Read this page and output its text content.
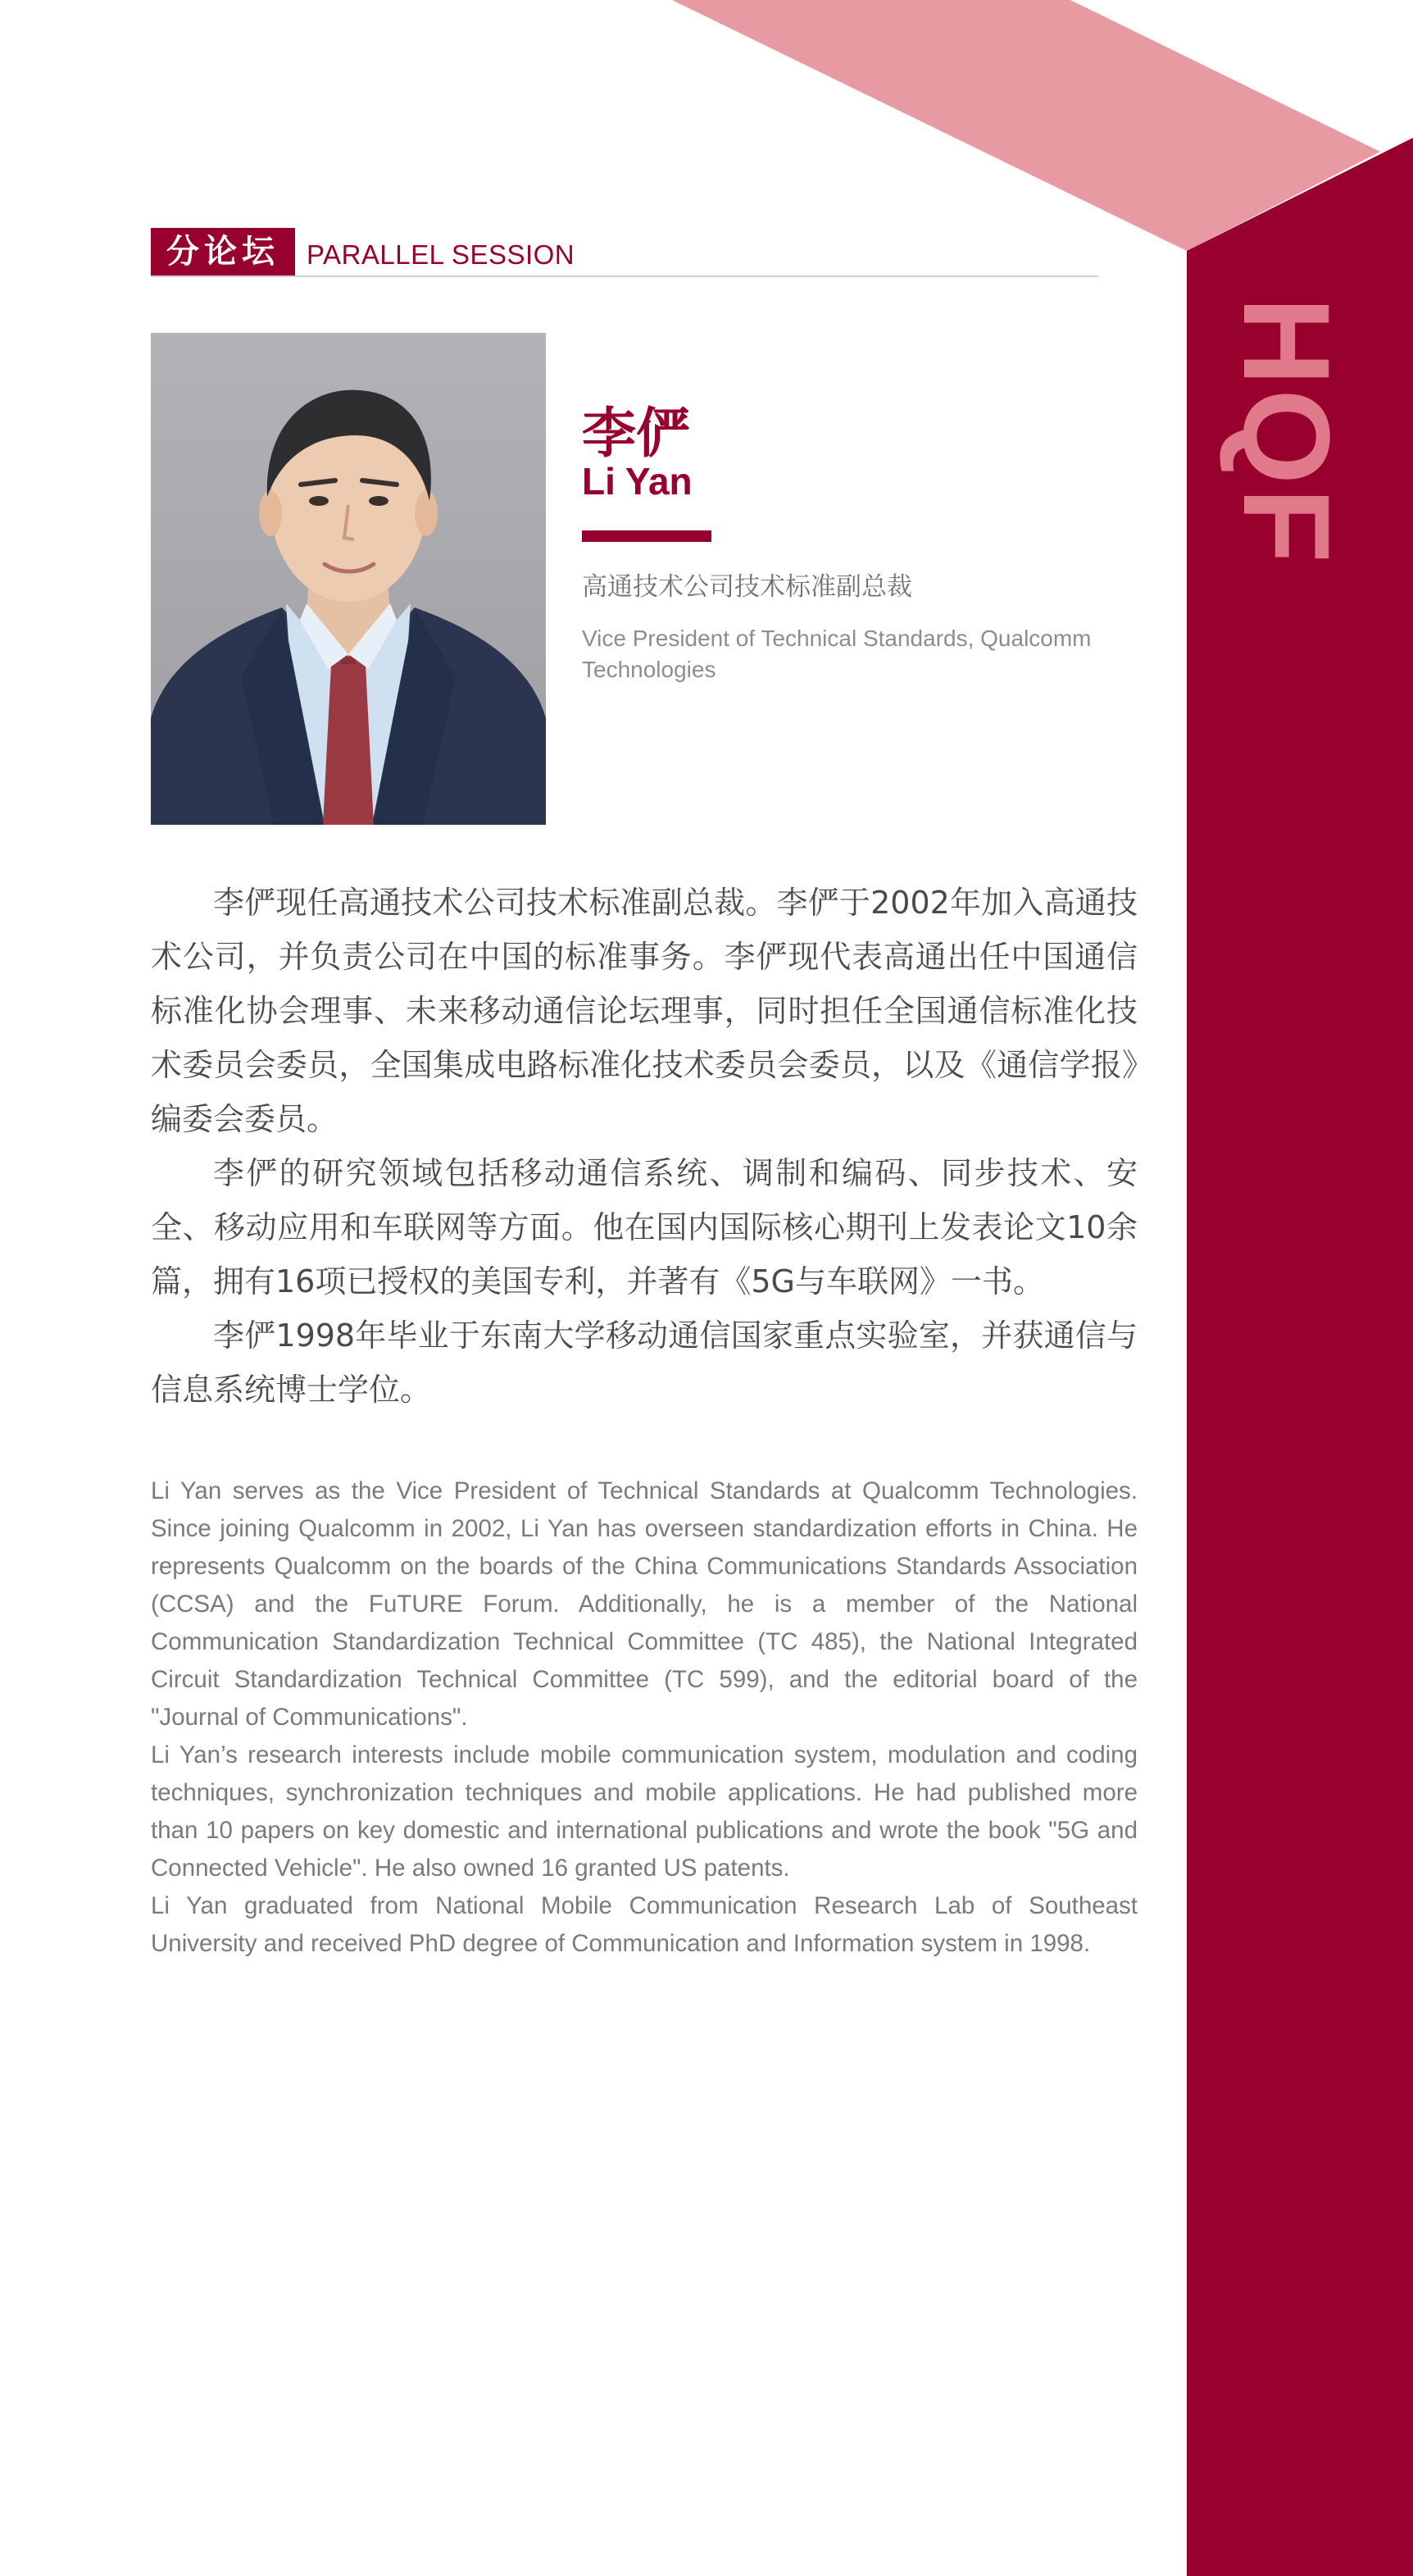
HQF
分论坛	PARALLEL SESSION
李俨
Li Yan
高通技术公司技术标准副总裁
Vice President of Technical Standards, Qualcomm Technologies

李俨现任高通技术公司技术标准副总裁。李俨于2002年加入高通技术公司，并负责公司在中国的标准事务。李俨现代表高通出任中国通信标准化协会理事、未来移动通信论坛理事，同时担任全国通信标准化技术委员会委员，全国集成电路标准化技术委员会委员，以及《通信学报》编委会委员。

李俨的研究领域包括移动通信系统、调制和编码、同步技术、安全、移动应用和车联网等方面。他在国内国际核心期刊上发表论文10余篇，拥有16项已授权的美国专利，并著有《5G与车联网》一书。

李俨1998年毕业于东南大学移动通信国家重点实验室，并获通信与信息系统博士学位。

Li Yan serves as the Vice President of Technical Standards at Qualcomm Technologies. Since joining Qualcomm in 2002, Li Yan has overseen standardization efforts in China. He represents Qualcomm on the boards of the China Communications Standards Association (CCSA) and the FuTURE Forum. Additionally, he is a member of the National Communication Standardization Technical Committee (TC 485), the National Integrated Circuit Standardization Technical Committee (TC 599), and the editorial board of the "Journal of Communications".

Li Yan’s research interests include mobile communication system, modulation and coding techniques, synchronization techniques and mobile applications. He had published more than 10 papers on key domestic and international publications and wrote the book "5G and Connected Vehicle". He also owned 16 granted US patents.

Li Yan graduated from National Mobile Communication Research Lab of Southeast University and received PhD degree of Communication and Information system in 1998.
